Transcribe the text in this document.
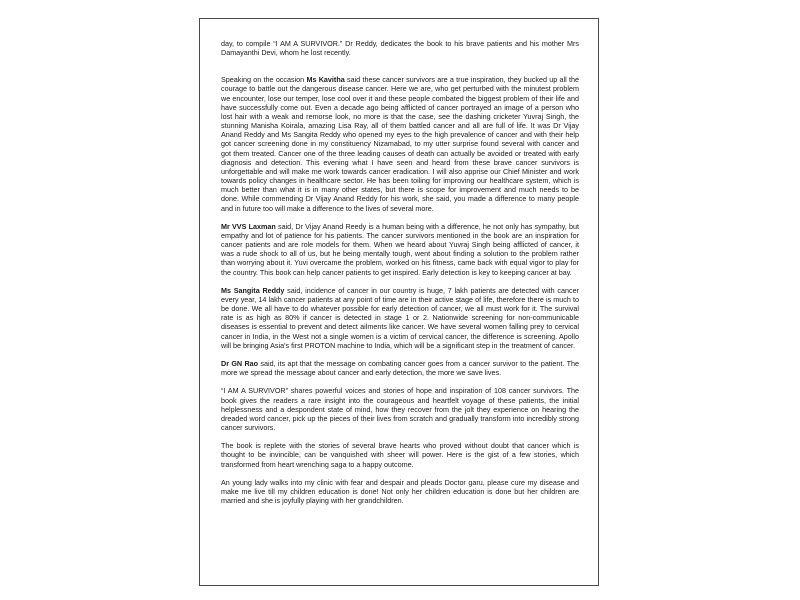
day, to compile “I AM A SURVIVOR.” Dr Reddy, dedicates the book to his brave patients and his mother Mrs Damayanthi Devi, whom he lost recently.

Speaking on the occasion Ms Kavitha said these cancer survivors are a true inspiration, they bucked up all the courage to battle out the dangerous disease cancer. Here we are, who get perturbed with the minutest problem we encounter, lose our temper, lose cool over it and these people combated the biggest problem of their life and have successfully come out. Even a decade ago being afflicted of cancer portrayed an image of a person who lost hair with a weak and remorse look, no more is that the case, see the dashing cricketer Yuvraj Singh, the stunning Manisha Koirala, amazing Lisa Ray, all of them battled cancer and all are full of life. It was Dr Vijay Anand Reddy and Ms Sangita Reddy who opened my eyes to the high prevalence of cancer and with their help got cancer screening done in my constituency Nizamabad, to my utter surprise found several with cancer and got them treated. Cancer one of the three leading causes of death can actually be avoided or treated with early diagnosis and detection. This evening what I have seen and heard from these brave cancer survivors is unforgettable and will make me work towards cancer eradication. I will also apprise our Chief Minister and work towards policy changes in healthcare sector. He has been toiling for improving our healthcare system, which is much better than what it is in many other states, but there is scope for improvement and much needs to be done. While commending Dr Vijay Anand Reddy for his work, she said, you made a difference to many people and in future too will make a difference to the lives of several more.

Mr VVS Laxman said, Dr Vijay Anand Reedy is a human being with a difference, he not only has sympathy, but empathy and lot of patience for his patients. The cancer survivors mentioned in the book are an inspiration for cancer patients and are role models for them. When we heard about Yuvraj Singh being afflicted of cancer, it was a rude shock to all of us, but he being mentally tough, went about finding a solution to the problem rather than worrying about it. Yuvi overcame the problem, worked on his fitness, came back with equal vigor to play for the country. This book can help cancer patients to get inspired. Early detection is key to keeping cancer at bay.

Ms Sangita Reddy said, incidence of cancer in our country is huge, 7 lakh patients are detected with cancer every year, 14 lakh cancer patients at any point of time are in their active stage of life, therefore there is much to be done. We all have to do whatever possible for early detection of cancer, we all must work for it. The survival rate is as high as 80% if cancer is detected in stage 1 or 2. Nationwide screening for non-communicable diseases is essential to prevent and detect ailments like cancer. We have several women falling prey to cervical cancer in India, in the West not a single women is a victim of cervical cancer, the difference is screening. Apollo will be bringing Asia's first PROTON machine to India, which will be a significant step in the treatment of cancer.

Dr GN Rao said, its apt that the message on combating cancer goes from a cancer survivor to the patient. The more we spread the message about cancer and early detection, the more we save lives.

“I AM A SURVIVOR” shares powerful voices and stories of hope and inspiration of 108 cancer survivors. The book gives the readers a rare insight into the courageous and heartfelt voyage of these patients, the initial helplessness and a despondent state of mind, how they recover from the jolt they experience on hearing the dreaded word cancer, pick up the pieces of their lives from scratch and gradually transform into incredibly strong cancer survivors.

The book is replete with the stories of several brave hearts who proved without doubt that cancer which is thought to be invincible, can be vanquished with sheer will power. Here is the gist of a few stories, which transformed from heart wrenching saga to a happy outcome.

An young lady walks into my clinic with fear and despair and pleads Doctor garu, please cure my disease and make me live till my children education is done! Not only her children education is done but her children are married and she is joyfully playing with her grandchildren.
